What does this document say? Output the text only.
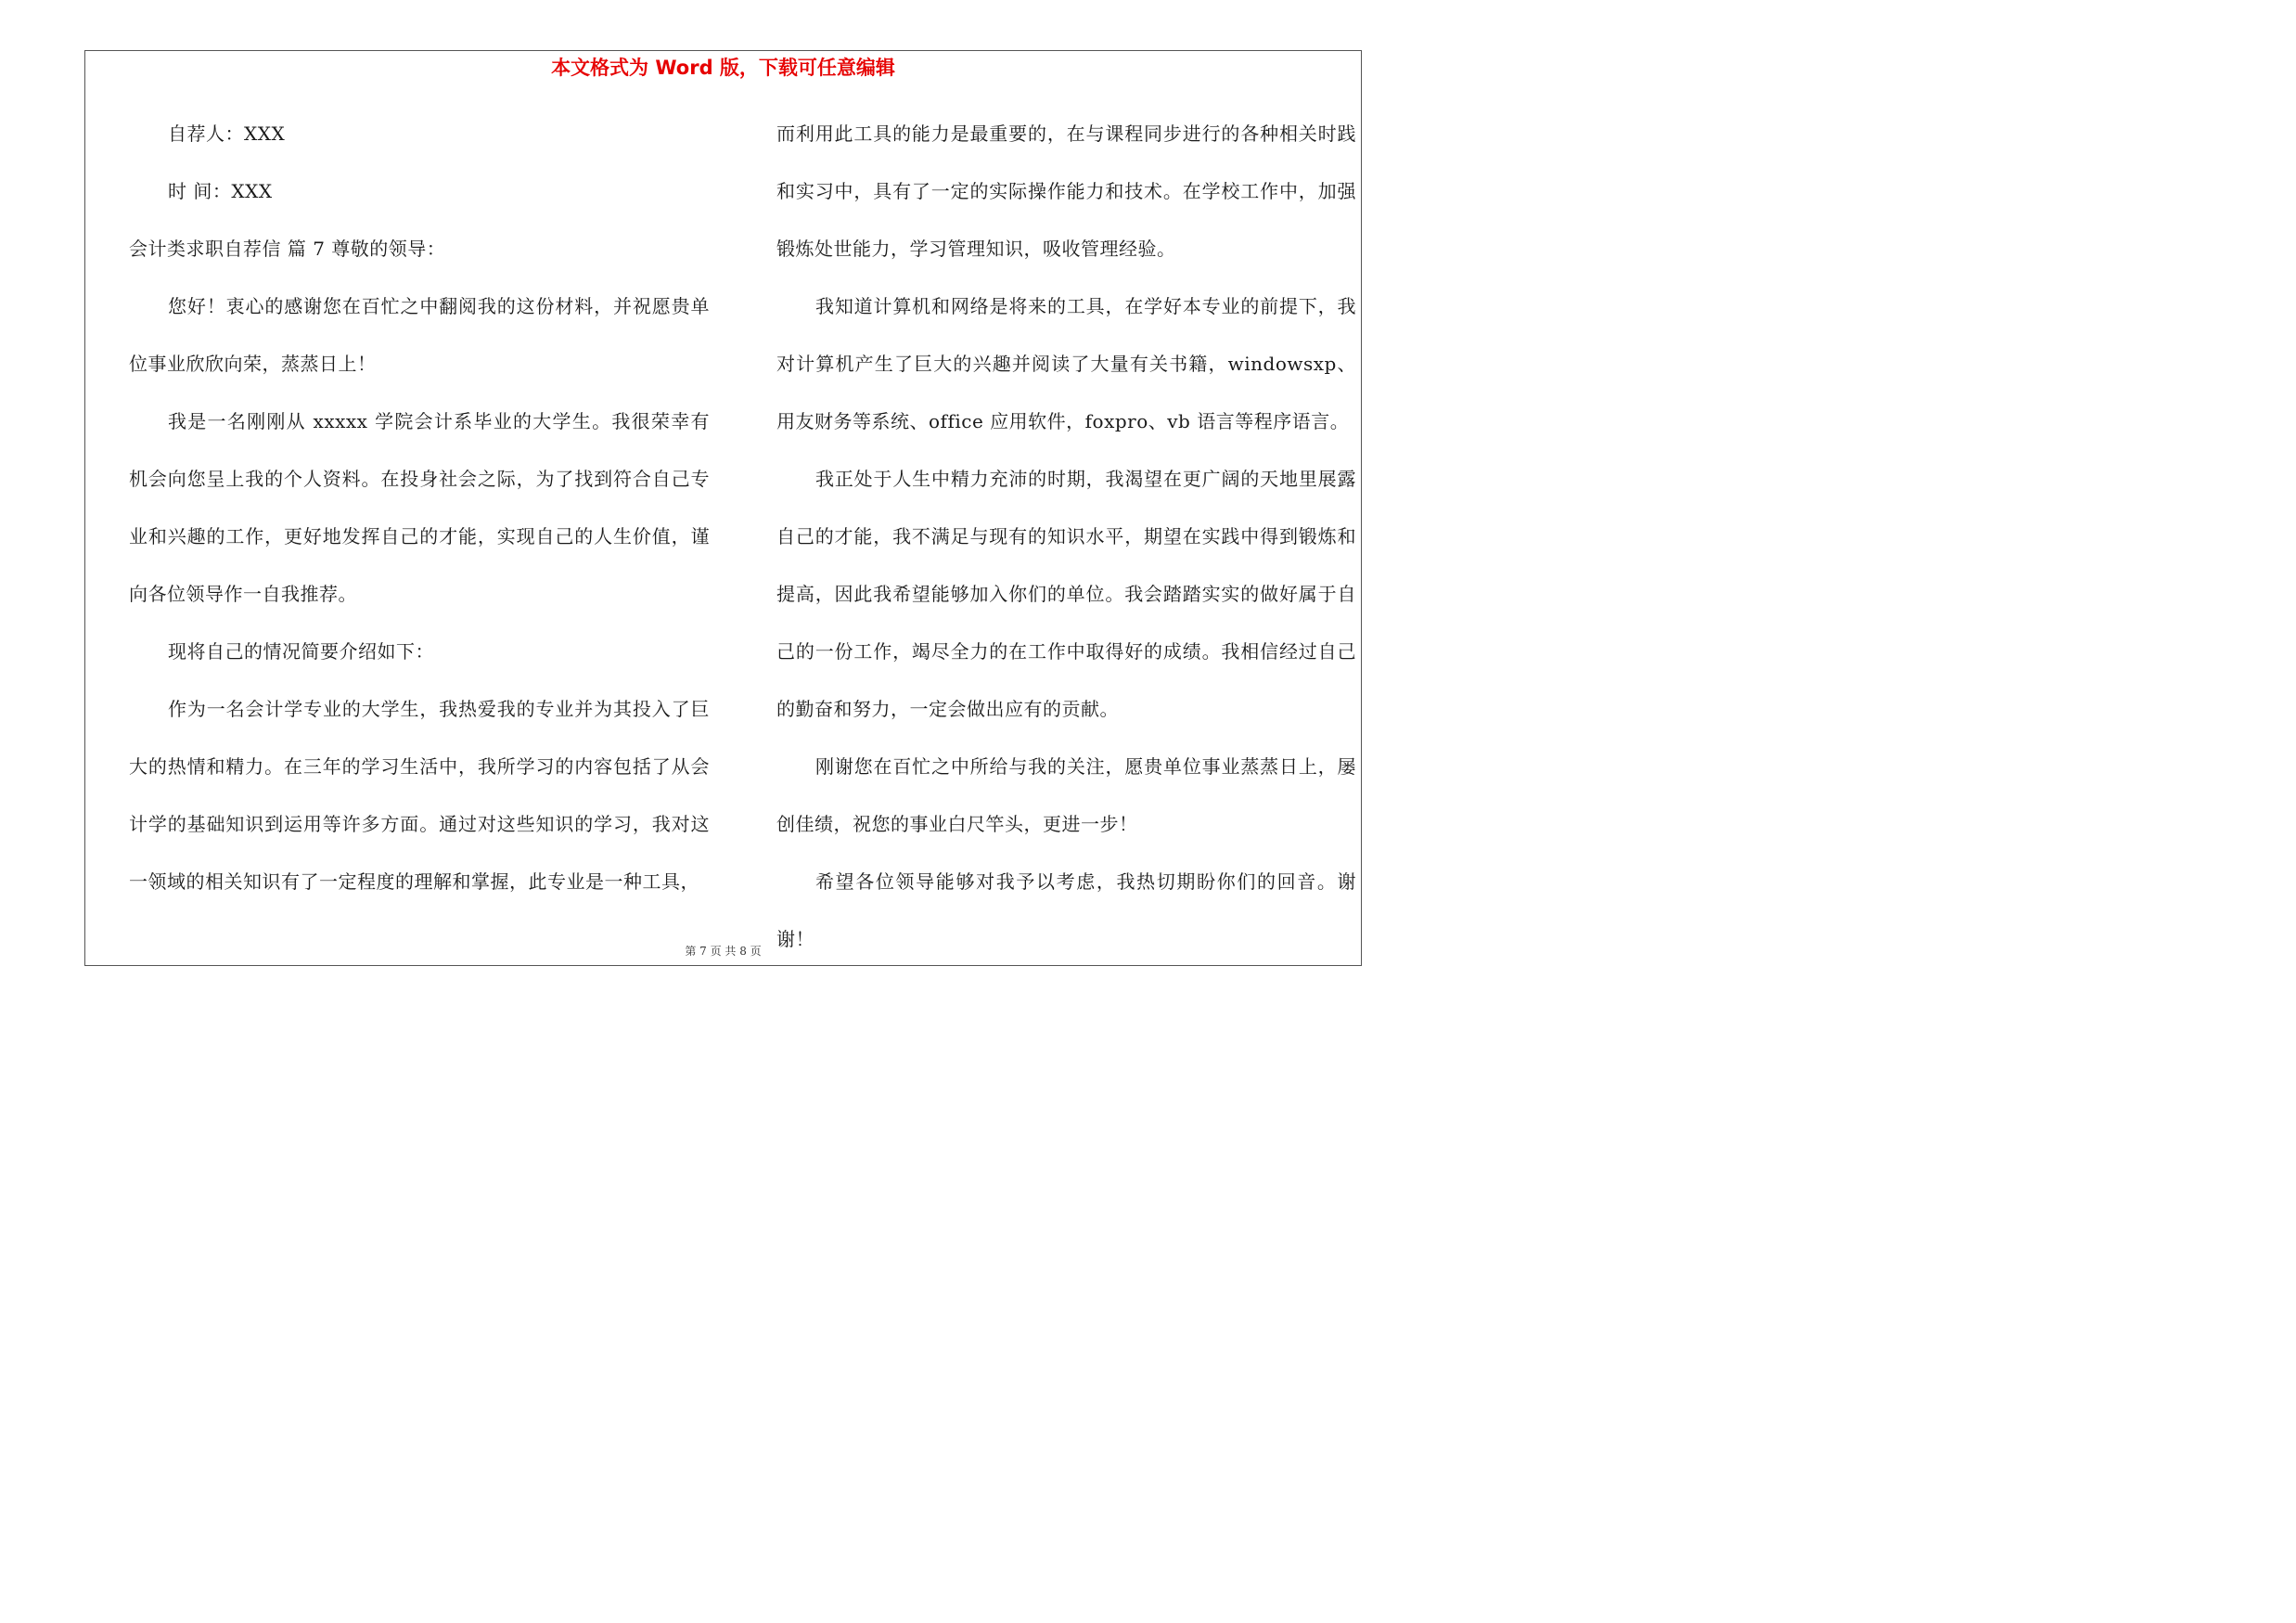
本文格式为 Word 版，下载可任意编辑

自荐人：XXX

时 间：XXX

会计类求职自荐信 篇 7 尊敬的领导：

您好！衷心的感谢您在百忙之中翻阅我的这份材料，并祝愿贵单位事业欣欣向荣，蒸蒸日上！

我是一名刚刚从 xxxxx 学院会计系毕业的大学生。我很荣幸有机会向您呈上我的个人资料。在投身社会之际，为了找到符合自己专业和兴趣的工作，更好地发挥自己的才能，实现自己的人生价值，谨向各位领导作一自我推荐。

现将自己的情况简要介绍如下：

作为一名会计学专业的大学生，我热爱我的专业并为其投入了巨大的热情和精力。在三年的学习生活中，我所学习的内容包括了从会计学的基础知识到运用等许多方面。通过对这些知识的学习，我对这一领域的相关知识有了一定程度的理解和掌握，此专业是一种工具，

而利用此工具的能力是最重要的，在与课程同步进行的各种相关时践和实习中，具有了一定的实际操作能力和技术。在学校工作中，加强锻炼处世能力，学习管理知识，吸收管理经验。

我知道计算机和网络是将来的工具，在学好本专业的前提下，我对计算机产生了巨大的兴趣并阅读了大量有关书籍，windowsxp、用友财务等系统、office 应用软件，foxpro、vb 语言等程序语言。

我正处于人生中精力充沛的时期，我渴望在更广阔的天地里展露自己的才能，我不满足与现有的知识水平，期望在实践中得到锻炼和提高，因此我希望能够加入你们的单位。我会踏踏实实的做好属于自己的一份工作，竭尽全力的在工作中取得好的成绩。我相信经过自己的勤奋和努力，一定会做出应有的贡献。

刚谢您在百忙之中所给与我的关注，愿贵单位事业蒸蒸日上，屡创佳绩，祝您的事业白尺竿头，更进一步！

希望各位领导能够对我予以考虑，我热切期盼你们的回音。谢谢！

第 7 页 共 8 页
